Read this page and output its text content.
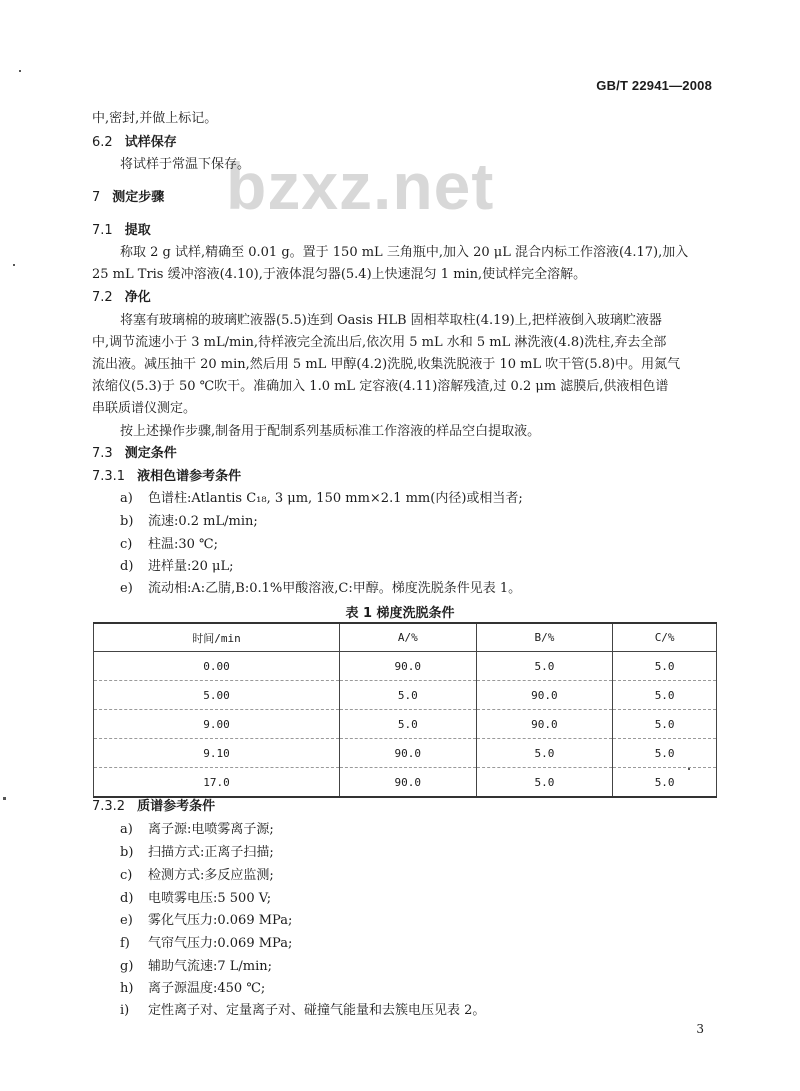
GB/T 22941—2008
bzxz.net
中,密封,并做上标记。
6.2 试样保存
将试样于常温下保存。
7 测定步骤
7.1 提取
称取 2 g 试样,精确至 0.01 g。置于 150 mL 三角瓶中,加入 20 μL 混合内标工作溶液(4.17),加入
25 mL Tris 缓冲溶液(4.10),于液体混匀器(5.4)上快速混匀 1 min,使试样完全溶解。
7.2 净化
将塞有玻璃棉的玻璃贮液器(5.5)连到 Oasis HLB 固相萃取柱(4.19)上,把样液倒入玻璃贮液器
中,调节流速小于 3 mL/min,待样液完全流出后,依次用 5 mL 水和 5 mL 淋洗液(4.8)洗柱,弃去全部
流出液。减压抽干 20 min,然后用 5 mL 甲醇(4.2)洗脱,收集洗脱液于 10 mL 吹干管(5.8)中。用氮气
浓缩仪(5.3)于 50 ℃吹干。准确加入 1.0 mL 定容液(4.11)溶解残渣,过 0.2 μm 滤膜后,供液相色谱
串联质谱仪测定。
按上述操作步骤,制备用于配制系列基质标准工作溶液的样品空白提取液。
7.3 测定条件
7.3.1 液相色谱参考条件
a) 色谱柱:Atlantis C₁₈, 3 μm, 150 mm×2.1 mm(内径)或相当者;
b) 流速:0.2 mL/min;
c) 柱温:30 ℃;
d) 进样量:20 μL;
e) 流动相:A:乙腈,B:0.1%甲酸溶液,C:甲醇。梯度洗脱条件见表 1。
表 1 梯度洗脱条件
时间/min	A/%	B/%	C/%
0.00	90.0	5.0	5.0
5.00	5.0	90.0	5.0
9.00	5.0	90.0	5.0
9.10	90.0	5.0	5.0
17.0	90.0	5.0	5.0
7.3.2 质谱参考条件
a) 离子源:电喷雾离子源;
b) 扫描方式:正离子扫描;
c) 检测方式:多反应监测;
d) 电喷雾电压:5 500 V;
e) 雾化气压力:0.069 MPa;
f) 气帘气压力:0.069 MPa;
g) 辅助气流速:7 L/min;
h) 离子源温度:450 ℃;
i) 定性离子对、定量离子对、碰撞气能量和去簇电压见表 2。
3
